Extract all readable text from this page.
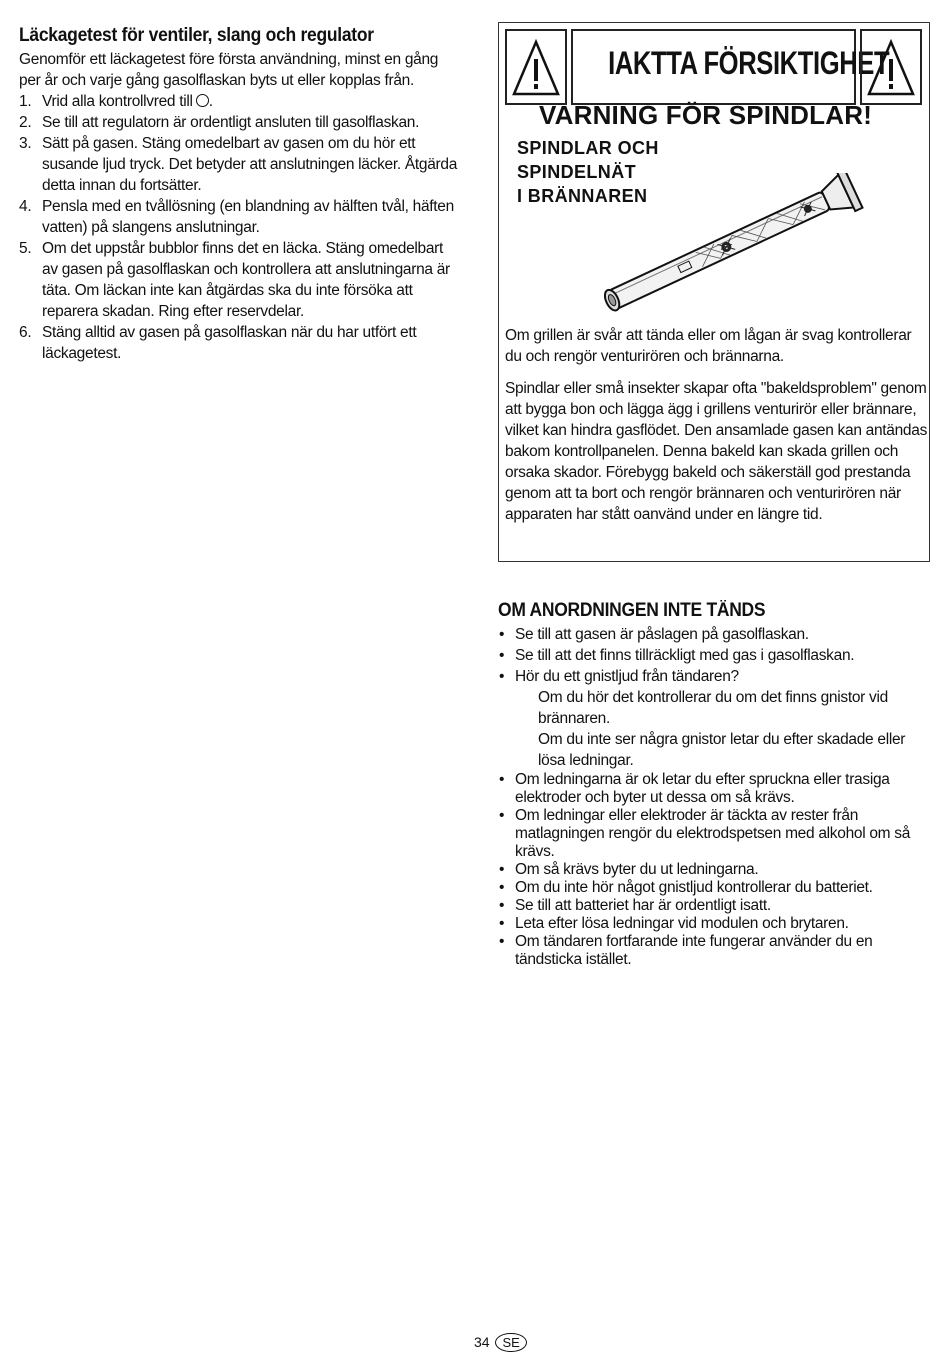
Läckagetest för ventiler, slang och regulator

Genomför ett läckagetest före första användning, minst en gång per år och varje gång gasolflaskan byts ut eller kopplas från.

1. Vrid alla kontrollvred till .
2. Se till att regulatorn är ordentligt ansluten till gasolflaskan.
3. Sätt på gasen. Stäng omedelbart av gasen om du hör ett susande ljud tryck. Det betyder att anslutningen läcker. Åtgärda detta innan du fortsätter.
4. Pensla med en tvållösning (en blandning av hälften tvål, häften vatten) på slangens anslutningar.
5. Om det uppstår bubblor finns det en läcka. Stäng omedelbart av gasen på gasolflaskan och kontrollera att anslutningarna är täta. Om läckan inte kan åtgärdas ska du inte försöka att reparera skadan. Ring efter reservdelar.
6. Stäng alltid av gasen på gasolflaskan när du har utfört ett läckagetest.
IAKTTA FÖRSIKTIGHET
VARNING FÖR SPINDLAR!
SPINDLAR OCH
SPINDELNÄT
I BRÄNNAREN

Om grillen är svår att tända eller om lågan är svag kontrollerar du och rengör venturirören och brännarna.

Spindlar eller små insekter skapar ofta "bakeldsproblem" genom att bygga bon och lägga ägg i grillens venturirör eller brännare, vilket kan hindra gasflödet. Den ansamlade gasen kan antändas bakom kontrollpanelen. Denna bakeld kan skada grillen och orsaka skador. Förebygg bakeld och säkerställ god prestanda genom att ta bort och rengör brännaren och venturirören när apparaten har stått oanvänd under en längre tid.

OM ANORDNINGEN INTE TÄNDS
• Se till att gasen är påslagen på gasolflaskan.
• Se till att det finns tillräckligt med gas i gasolflaskan.
• Hör du ett gnistljud från tändaren?
Om du hör det kontrollerar du om det finns gnistor vid brännaren.
Om du inte ser några gnistor letar du efter skadade eller lösa ledningar.
• Om ledningarna är ok letar du efter spruckna eller trasiga elektroder och byter ut dessa om så krävs.
• Om ledningar eller elektroder är täckta av rester från matlagningen rengör du elektrodspetsen med alkohol om så krävs.
• Om så krävs byter du ut ledningarna.
• Om du inte hör något gnistljud kontrollerar du batteriet.
• Se till att batteriet har är ordentligt isatt.
• Leta efter lösa ledningar vid modulen och brytaren.
• Om tändaren fortfarande inte fungerar använder du en tändsticka istället.
34 SE
